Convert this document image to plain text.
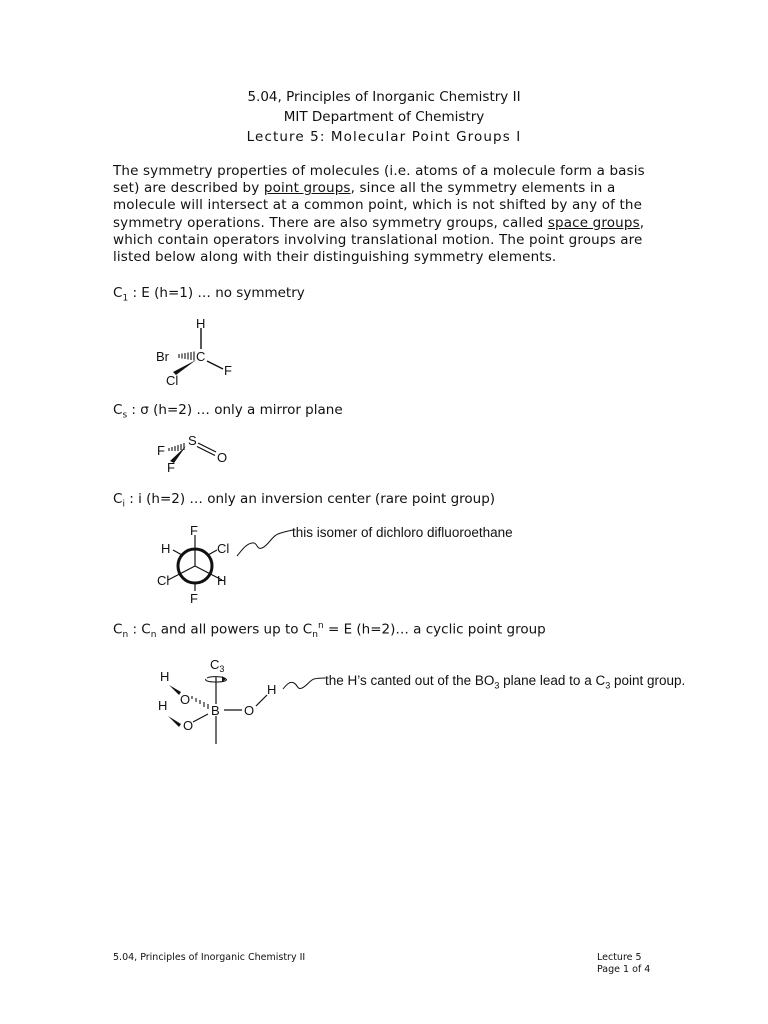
5.04, Principles of Inorganic Chemistry II
MIT Department of Chemistry
Lecture 5: Molecular Point Groups I
The symmetry properties of molecules (i.e. atoms of a molecule form a basis set) are described by point groups, since all the symmetry elements in a molecule will intersect at a common point, which is not shifted by any of the symmetry operations. There are also symmetry groups, called space groups, which contain operators involving translational motion. The point groups are listed below along with their distinguishing symmetry elements.
$C_1$ : E (h=1) … no symmetry
H
Br C
Cl
F
$C_s$ : σ (h=2) … only a mirror plane
S
F
F
O
$C_i$ : i (h=2) … only an inversion center (rare point group)
F
H	Cl
Cl	H
F
this isomer of dichloro difluoroethane
$C_n$ : $C_n$ and all powers up to $C_n^n = E$ (h=2)… a cyclic point group
$C_3$
H
O
H
O
B O
H
the H’s canted out of the $BO_3$ plane lead to a $C_3$ point group.
5.04, Principles of Inorganic Chemistry II	Lecture 5
Page 1 of 4
